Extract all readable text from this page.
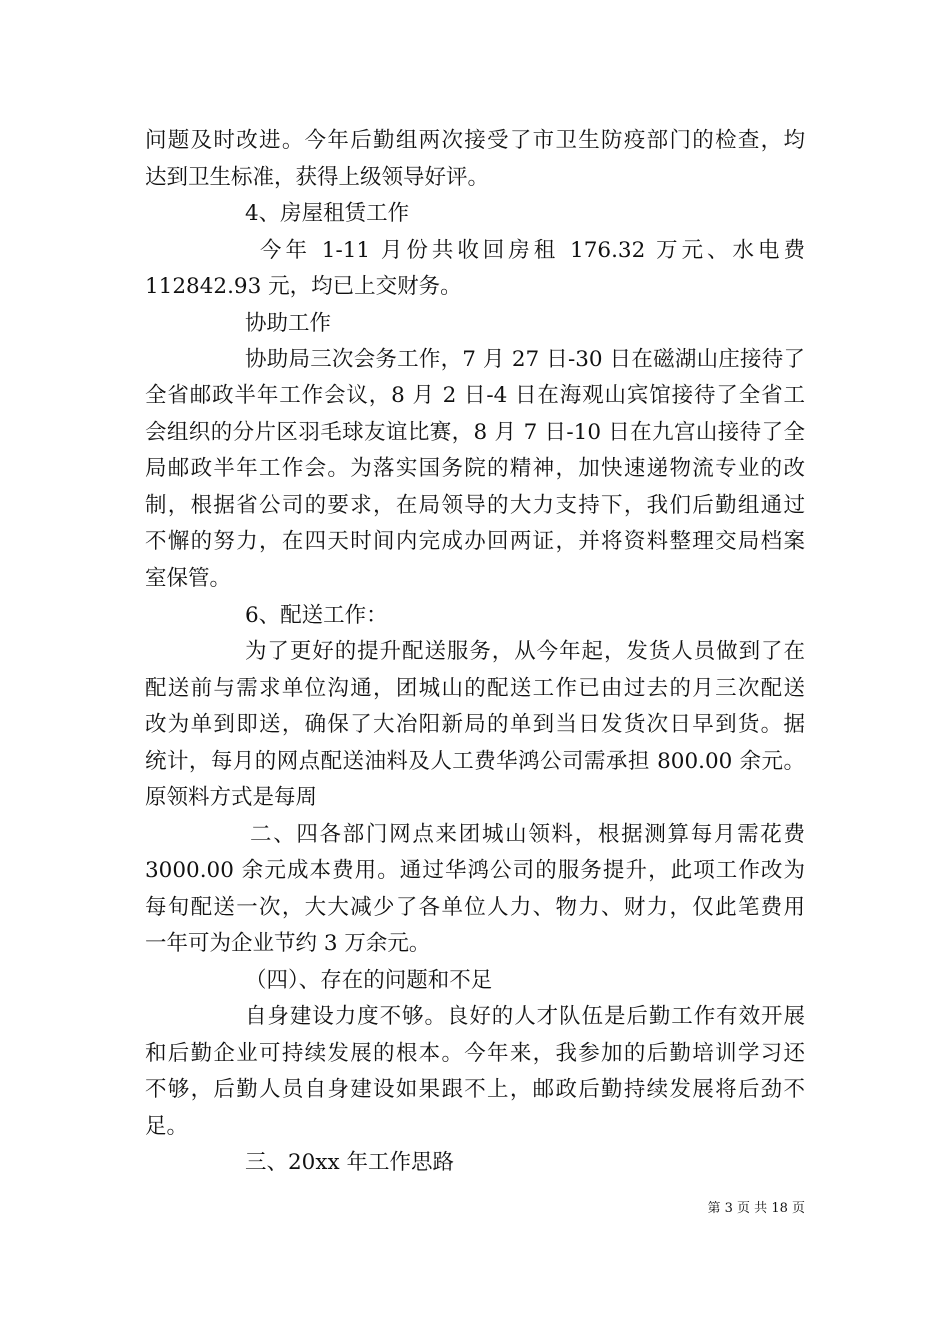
问题及时改进。今年后勤组两次接受了市卫生防疫部门的检查，均
达到卫生标准，获得上级领导好评。
4、房屋租赁工作
今年 1-11 月份共收回房租 176.32 万元、水电费
112842.93 元，均已上交财务。
协助工作
协助局三次会务工作，7 月 27 日-30 日在磁湖山庄接待了
全省邮政半年工作会议，8 月 2 日-4 日在海观山宾馆接待了全省工
会组织的分片区羽毛球友谊比赛，8 月 7 日-10 日在九宫山接待了全
局邮政半年工作会。为落实国务院的精神，加快速递物流专业的改
制，根据省公司的要求，在局领导的大力支持下，我们后勤组通过
不懈的努力，在四天时间内完成办回两证，并将资料整理交局档案
室保管。
6、配送工作：
为了更好的提升配送服务，从今年起，发货人员做到了在
配送前与需求单位沟通，团城山的配送工作已由过去的月三次配送
改为单到即送，确保了大冶阳新局的单到当日发货次日早到货。据
统计，每月的网点配送油料及人工费华鸿公司需承担 800.00 余元。
原领料方式是每周
二、四各部门网点来团城山领料，根据测算每月需花费
3000.00 余元成本费用。通过华鸿公司的服务提升，此项工作改为
每旬配送一次，大大减少了各单位人力、物力、财力，仅此笔费用
一年可为企业节约 3 万余元。
（四）、存在的问题和不足
自身建设力度不够。良好的人才队伍是后勤工作有效开展
和后勤企业可持续发展的根本。今年来，我参加的后勤培训学习还
不够，后勤人员自身建设如果跟不上，邮政后勤持续发展将后劲不
足。
三、20xx 年工作思路
第 3 页 共 18 页
